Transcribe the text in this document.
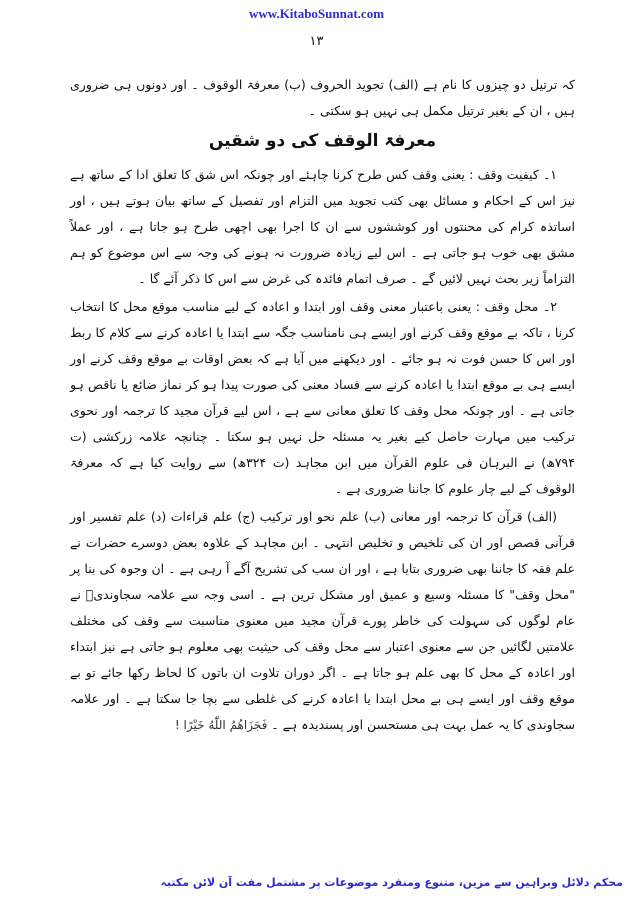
www.KitaboSunnat.com
۱۳

کہ ترتیل دو چیزوں کا نام ہے (الف) تجوید الحروف (ب) معرفۃ الوقوف ۔ اور دونوں ہی ضروری ہیں ، ان کے بغیر ترتیل مکمل ہی نہیں ہو سکتی ۔

معرفۃ الوقف کی دو شقیں

۱۔ کیفیت وقف : یعنی وقف کس طرح کرنا چاہئے اور چونکہ اس شق کا تعلق ادا کے ساتھ ہے نیز اس کے احکام و مسائل بھی کتب تجوید میں التزام اور تفصیل کے ساتھ بیان ہوتے ہیں ، اور اساتذہ کرام کی محنتوں اور کوششوں سے ان کا اجرا بھی اچھی طرح ہو جاتا ہے ، اور عملاً مشق بھی خوب ہو جاتی ہے ۔ اس لیے زیادہ ضرورت نہ ہونے کی وجہ سے اس موضوع کو ہم التزاماً زیر بحث نہیں لائیں گے ۔ صرف اتمام فائدہ کی غرض سے اس کا ذکر آئے گا ۔

۲۔ محل وقف : یعنی باعتبار معنی وقف اور ابتدا و اعادہ کے لیے مناسب موقع محل کا انتخاب کرنا ، تاکہ بے موقع وقف کرنے اور ایسے ہی نامناسب جگہ سے ابتدا یا اعادہ کرنے سے کلام کا ربط اور اس کا حسن فوت نہ ہو جائے ۔ اور دیکھنے میں آیا ہے کہ بعض اوقات بے موقع وقف کرنے اور ایسے ہی بے موقع ابتدا یا اعادہ کرنے سے فساد معنی کی صورت پیدا ہو کر نماز ضائع یا ناقص ہو جاتی ہے ۔ اور چونکہ محل وقف کا تعلق معانی سے ہے ، اس لیے قرآن مجید کا ترجمہ اور نحوی ترکیب میں مہارت حاصل کیے بغیر یہ مسئلہ حل نہیں ہو سکتا ۔ چنانچہ علامہ زرکشی (ت ۷۹۴ھ) نے البرہان فی علوم القرآن میں ابن مجاہد (ت ۳۲۴ھ) سے روایت کیا ہے کہ معرفۃ الوقوف کے لیے چار علوم کا جاننا ضروری ہے ۔

(الف) قرآن کا ترجمہ اور معانی (ب) علم نحو اور ترکیب (ج) علم قراءات (د) علم تفسیر اور قرآنی قصص اور ان کی تلخیص و تخلیص انتہی ۔ ابن مجاہد کے علاوہ بعض دوسرے حضرات نے علم فقہ کا جاننا بھی ضروری بتایا ہے ، اور ان سب کی تشریح آگے آ رہی ہے ۔ ان وجوہ کی بنا پر "محل وقف" کا مسئلہ وسیع و عمیق اور مشکل ترین ہے ۔ اسی وجہ سے علامہ سجاوندیؒ نے عام لوگوں کی سہولت کی خاطر پورے قرآن مجید میں معنوی مناسبت سے وقف کی مختلف علامتیں لگائیں جن سے معنوی اعتبار سے محل وقف کی حیثیت بھی معلوم ہو جاتی ہے نیز ابتداء اور اعادہ کے محل کا بھی علم ہو جاتا ہے ۔ اگر دوران تلاوت ان باتوں کا لحاظ رکھا جائے تو بے موقع وقف اور ایسے ہی بے محل ابتدا یا اعادہ کرنے کی غلطی سے بچا جا سکتا ہے ۔ اور علامہ سجاوندی کا یہ عمل بہت ہی مستحسن اور پسندیدہ ہے ۔ فَجَزَاهُمُ اللّٰهُ خَيْرًا !

محکم دلائل وبراہین سے مزین، متنوع ومنفرد موضوعات پر مشتمل مفت آن لائن مکتبہ
